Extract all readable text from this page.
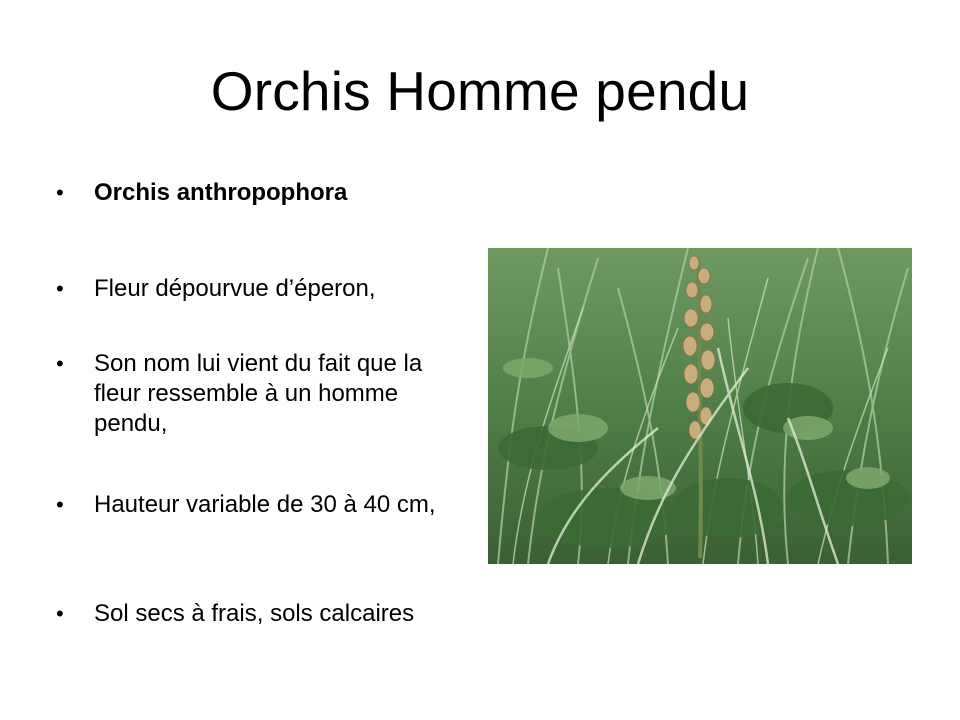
Orchis Homme pendu
•	Orchis anthropophora
•	Fleur dépourvue d’éperon,
•	Son nom lui vient du fait que la fleur ressemble à un homme pendu,
•	Hauteur variable de 30 à 40 cm,
•	Sol secs à frais, sols calcaires
